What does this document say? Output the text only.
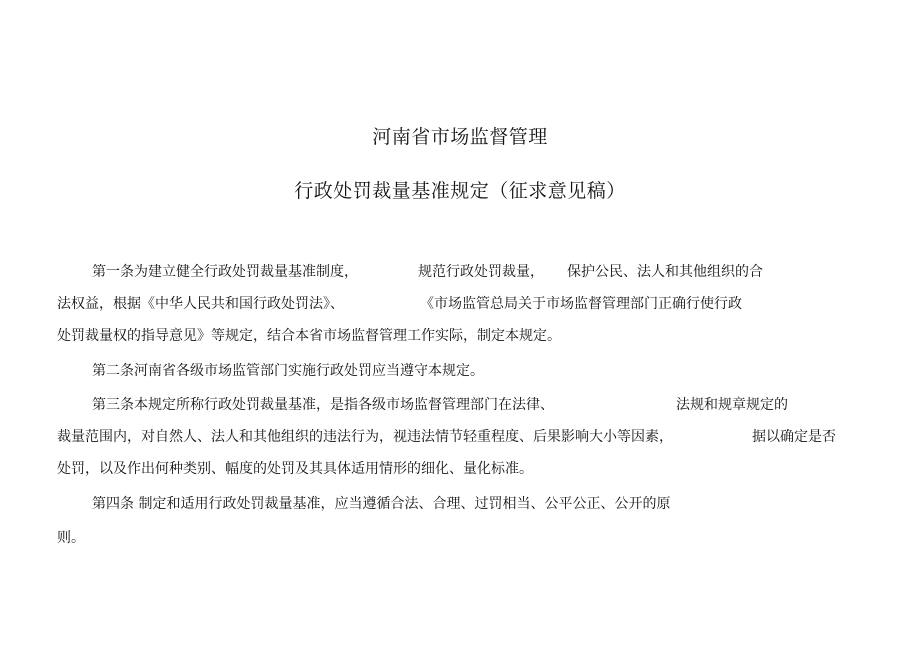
河南省市场监督管理
行政处罚裁量基准规定（征求意见稿）
第一条为建立健全行政处罚裁量基准制度，	规范行政处罚裁量， 保护公民、法人和其他组织的合
法权益，根据《中华人民共和国行政处罚法》、	《市场监管总局关于市场监督管理部门正确行使行政
处罚裁量权的指导意见》等规定，结合本省市场监督管理工作实际，制定本规定。
第二条河南省各级市场监管部门实施行政处罚应当遵守本规定。
第三条本规定所称行政处罚裁量基准，是指各级市场监督管理部门在法律、	法规和规章规定的
裁量范围内，对自然人、法人和其他组织的违法行为，视违法情节轻重程度、后果影响大小等因素，	据以确定是否
处罚，以及作出何种类别、幅度的处罚及其具体适用情形的细化、量化标准。
第四条 制定和适用行政处罚裁量基准，应当遵循合法、合理、过罚相当、公平公正、公开的原
则。
